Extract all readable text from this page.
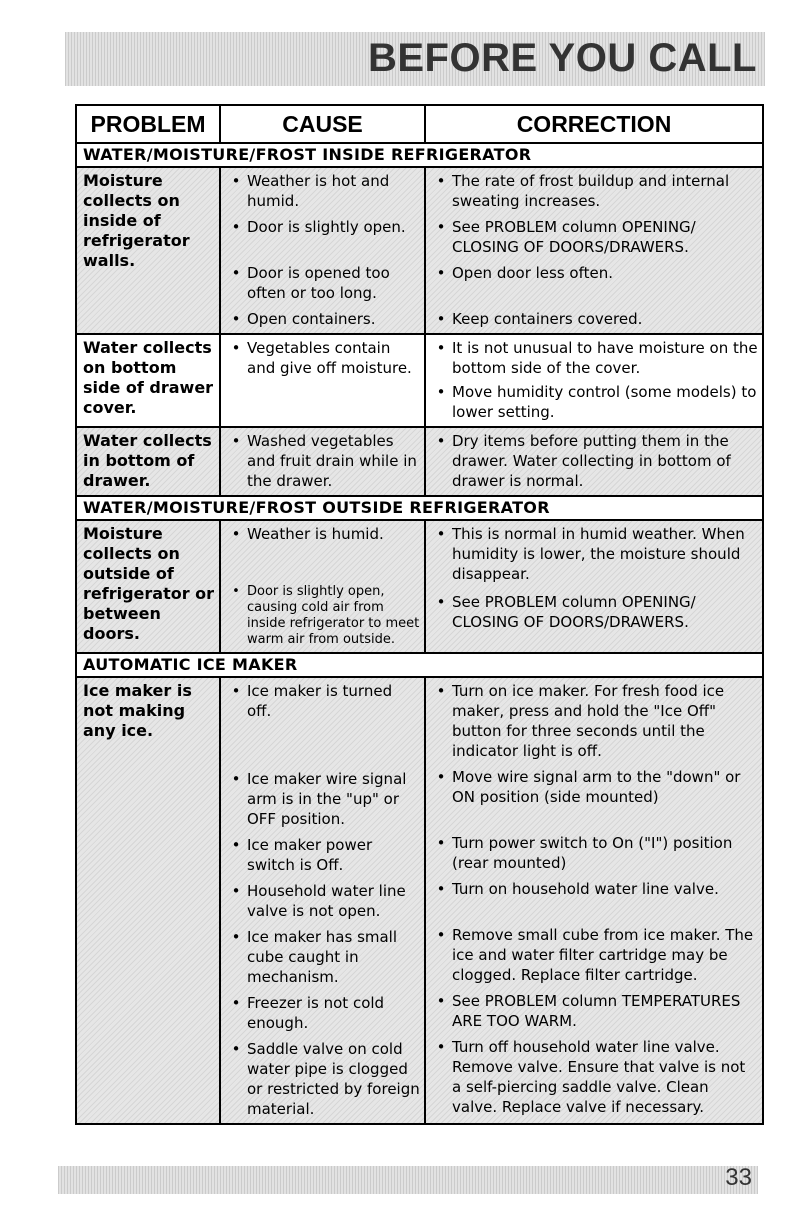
BEFORE YOU CALL
PROBLEM	CAUSE	CORRECTION
WATER/MOISTURE/FROST INSIDE REFRIGERATOR
Moisture collects on inside of refrigerator walls.
• Weather is hot and humid.
• Door is slightly open.
• Door is opened too often or too long.
• Open containers.
• The rate of frost buildup and internal sweating increases.
• See PROBLEM column OPENING/ CLOSING OF DOORS/DRAWERS.
• Open door less often.
• Keep containers covered.
Water collects on bottom side of drawer cover.
• Vegetables contain and give off moisture.
• It is not unusual to have moisture on the bottom side of the cover.
• Move humidity control (some models) to lower setting.
Water collects in bottom of drawer.
• Washed vegetables and fruit drain while in the drawer.
• Dry items before putting them in the drawer. Water collecting in bottom of drawer is normal.
WATER/MOISTURE/FROST OUTSIDE REFRIGERATOR
Moisture collects on outside of refrigerator or between doors.
• Weather is humid.
• Door is slightly open, causing cold air from inside refrigerator to meet warm air from outside.
• This is normal in humid weather. When humidity is lower, the moisture should disappear.
• See PROBLEM column OPENING/ CLOSING OF DOORS/DRAWERS.
AUTOMATIC ICE MAKER
Ice maker is not making any ice.
• Ice maker is turned off.
• Ice maker wire signal arm is in the "up" or OFF position.
• Ice maker power switch is Off.
• Household water line valve is not open.
• Ice maker has small cube caught in mechanism.
• Freezer is not cold enough.
• Saddle valve on cold water pipe is clogged or restricted by foreign material.
• Turn on ice maker. For fresh food ice maker, press and hold the "Ice Off" button for three seconds until the indicator light is off.
• Move wire signal arm to the "down" or ON position (side mounted)
• Turn power switch to On ("I") position (rear mounted)
• Turn on household water line valve.
• Remove small cube from ice maker. The ice and water filter cartridge may be clogged. Replace filter cartridge.
• See PROBLEM column TEMPERATURES ARE TOO WARM.
• Turn off household water line valve. Remove valve. Ensure that valve is not a self-piercing saddle valve. Clean valve. Replace valve if necessary.
33
